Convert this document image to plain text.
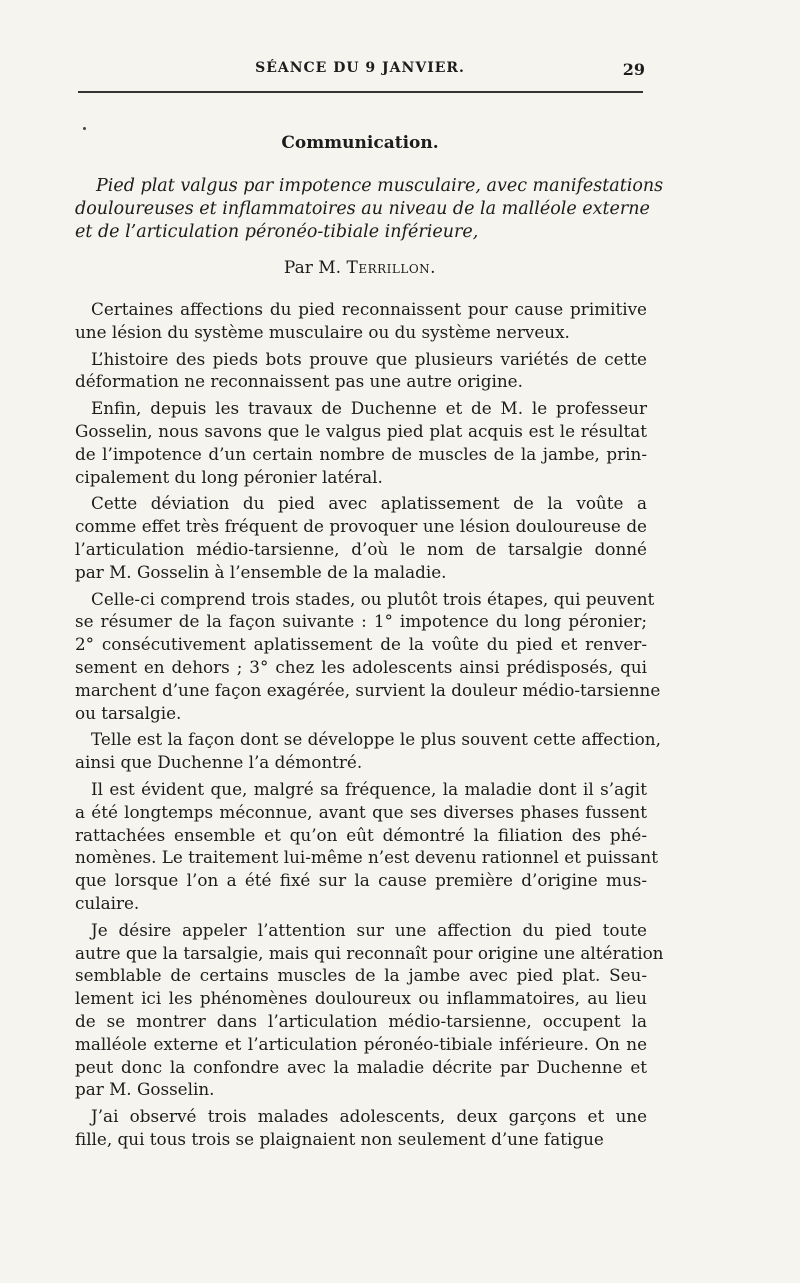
SÉANCE DU 9 JANVIER.	29
Communication.
Pied plat valgus par impotence musculaire, avec manifestations
douloureuses et inflammatoires au niveau de la malléole externe
et de l’articulation péronéo-tibiale inférieure,
Par M. Terrillon.

Certaines affections du pied reconnaissent pour cause primitive
une lésion du système musculaire ou du système nerveux.

L’histoire des pieds bots prouve que plusieurs variétés de cette
déformation ne reconnaissent pas une autre origine.

Enfin, depuis les travaux de Duchenne et de M. le professeur
Gosselin, nous savons que le valgus pied plat acquis est le résultat
de l’impotence d’un certain nombre de muscles de la jambe, prin-
cipalement du long péronier latéral.

Cette déviation du pied avec aplatissement de la voûte a
comme effet très fréquent de provoquer une lésion douloureuse de
l’articulation médio-tarsienne, d’où le nom de tarsalgie donné
par M. Gosselin à l’ensemble de la maladie.

Celle-ci comprend trois stades, ou plutôt trois étapes, qui peuvent
se résumer de la façon suivante : 1° impotence du long péronier;
2° consécutivement aplatissement de la voûte du pied et renver-
sement en dehors ; 3° chez les adolescents ainsi prédisposés, qui
marchent d’une façon exagérée, survient la douleur médio-tarsienne
ou tarsalgie.

Telle est la façon dont se développe le plus souvent cette affection,
ainsi que Duchenne l’a démontré.

Il est évident que, malgré sa fréquence, la maladie dont il s’agit
a été longtemps méconnue, avant que ses diverses phases fussent
rattachées ensemble et qu’on eût démontré la filiation des phé-
nomènes. Le traitement lui-même n’est devenu rationnel et puissant
que lorsque l’on a été fixé sur la cause première d’origine mus-
culaire.

Je désire appeler l’attention sur une affection du pied toute
autre que la tarsalgie, mais qui reconnaît pour origine une altération
semblable de certains muscles de la jambe avec pied plat. Seu-
lement ici les phénomènes douloureux ou inflammatoires, au lieu
de se montrer dans l’articulation médio-tarsienne, occupent la
malléole externe et l’articulation péronéo-tibiale inférieure. On ne
peut donc la confondre avec la maladie décrite par Duchenne et
par M. Gosselin.

J’ai observé trois malades adolescents, deux garçons et une
fille, qui tous trois se plaignaient non seulement d’une fatigue
